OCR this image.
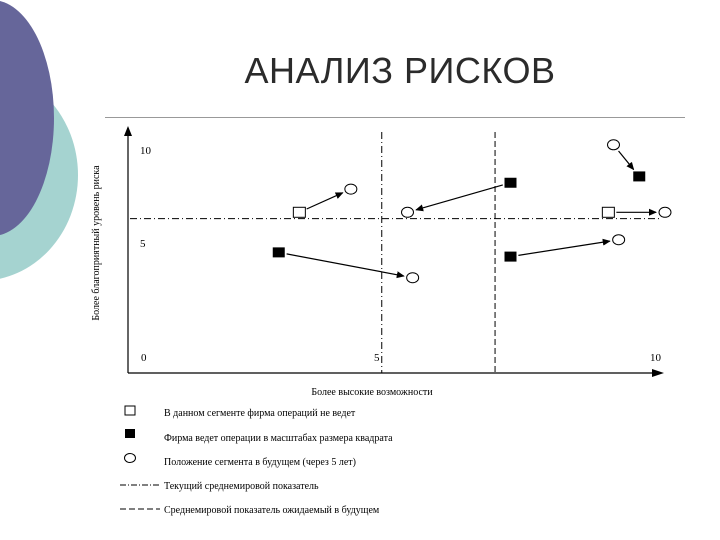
АНАЛИЗ РИСКОВ
10
5
0	5	10
Более высокие возможности
Более благоприятный уровень риска
В данном сегменте фирма операций не ведет
Фирма ведет операции в масштабах размера квадрата
Положение сегмента в будущем (через 5 лет)
Текущий среднемировой показатель
Среднемировой показатель ожидаемый в будущем
